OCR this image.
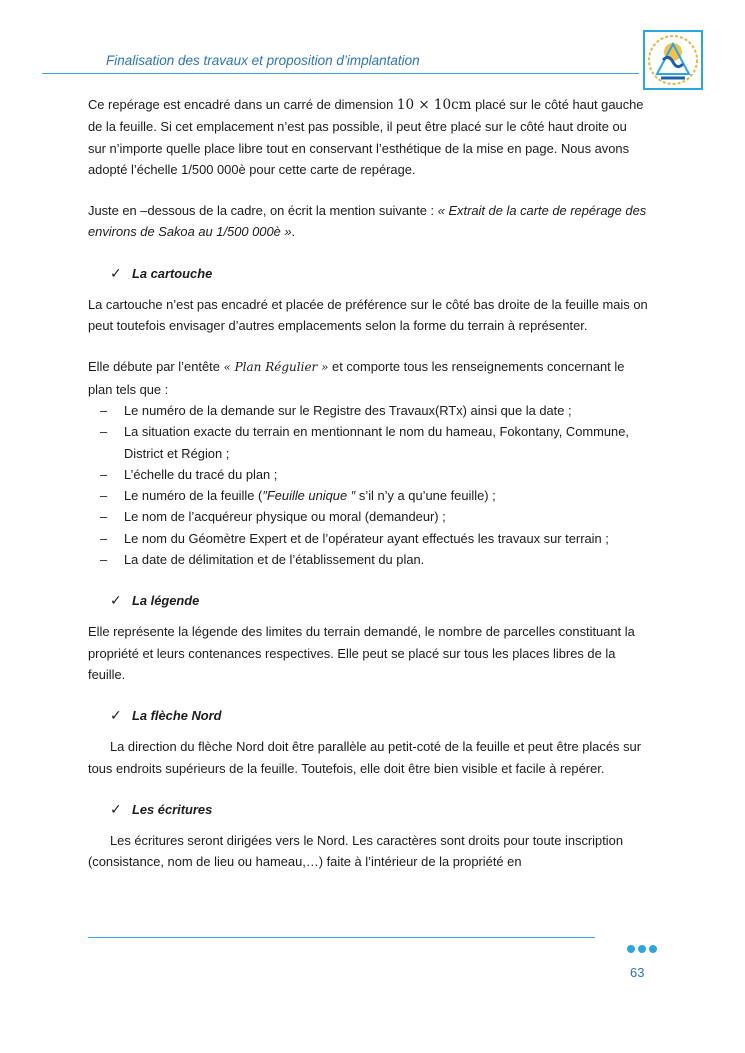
Finalisation des travaux et proposition d’implantation

Ce repérage est encadré dans un carré de dimension 10 × 10cm placé sur le côté haut gauche de la feuille. Si cet emplacement n’est pas possible, il peut être placé sur le côté haut droite ou sur n’importe quelle place libre tout en conservant l’esthétique de la mise en page. Nous avons adopté l’échelle 1/500 000è pour cette carte de repérage.

Juste en –dessous de la cadre, on écrit la mention suivante : « Extrait de la carte de repérage des environs de Sakoa au 1/500 000è ».

✓ La cartouche

La cartouche n’est pas encadré et placée de préférence sur le côté bas droite de la feuille mais on peut toutefois envisager d’autres emplacements selon la forme du terrain à représenter.

Elle débute par l’entête « Plan Régulier » et comporte tous les renseignements concernant le plan tels que :

– Le numéro de la demande sur le Registre des Travaux(RTx) ainsi que la date ;
– La situation exacte du terrain en mentionnant le nom du hameau, Fokontany, Commune, District et Région ;
– L’échelle du tracé du plan ;
– Le numéro de la feuille (″Feuille unique ″ s’il n’y a qu’une feuille) ;
– Le nom de l’acquéreur physique ou moral (demandeur) ;
– Le nom du Géomètre Expert et de l’opérateur ayant effectués les travaux sur terrain ;
– La date de délimitation et de l’établissement du plan.
✓ La légende

Elle représente la légende des limites du terrain demandé, le nombre de parcelles constituant la propriété et leurs contenances respectives. Elle peut se placé sur tous les places libres de la feuille.

✓ La flèche Nord

La direction du flèche Nord doit être parallèle au petit-coté de la feuille et peut être placés sur tous endroits supérieurs de la feuille. Toutefois, elle doit être bien visible et facile à repérer.

✓ Les écritures

Les écritures seront dirigées vers le Nord. Les caractères sont droits pour toute inscription (consistance, nom de lieu ou hameau,…) faite à l’intérieur de la propriété en

63
